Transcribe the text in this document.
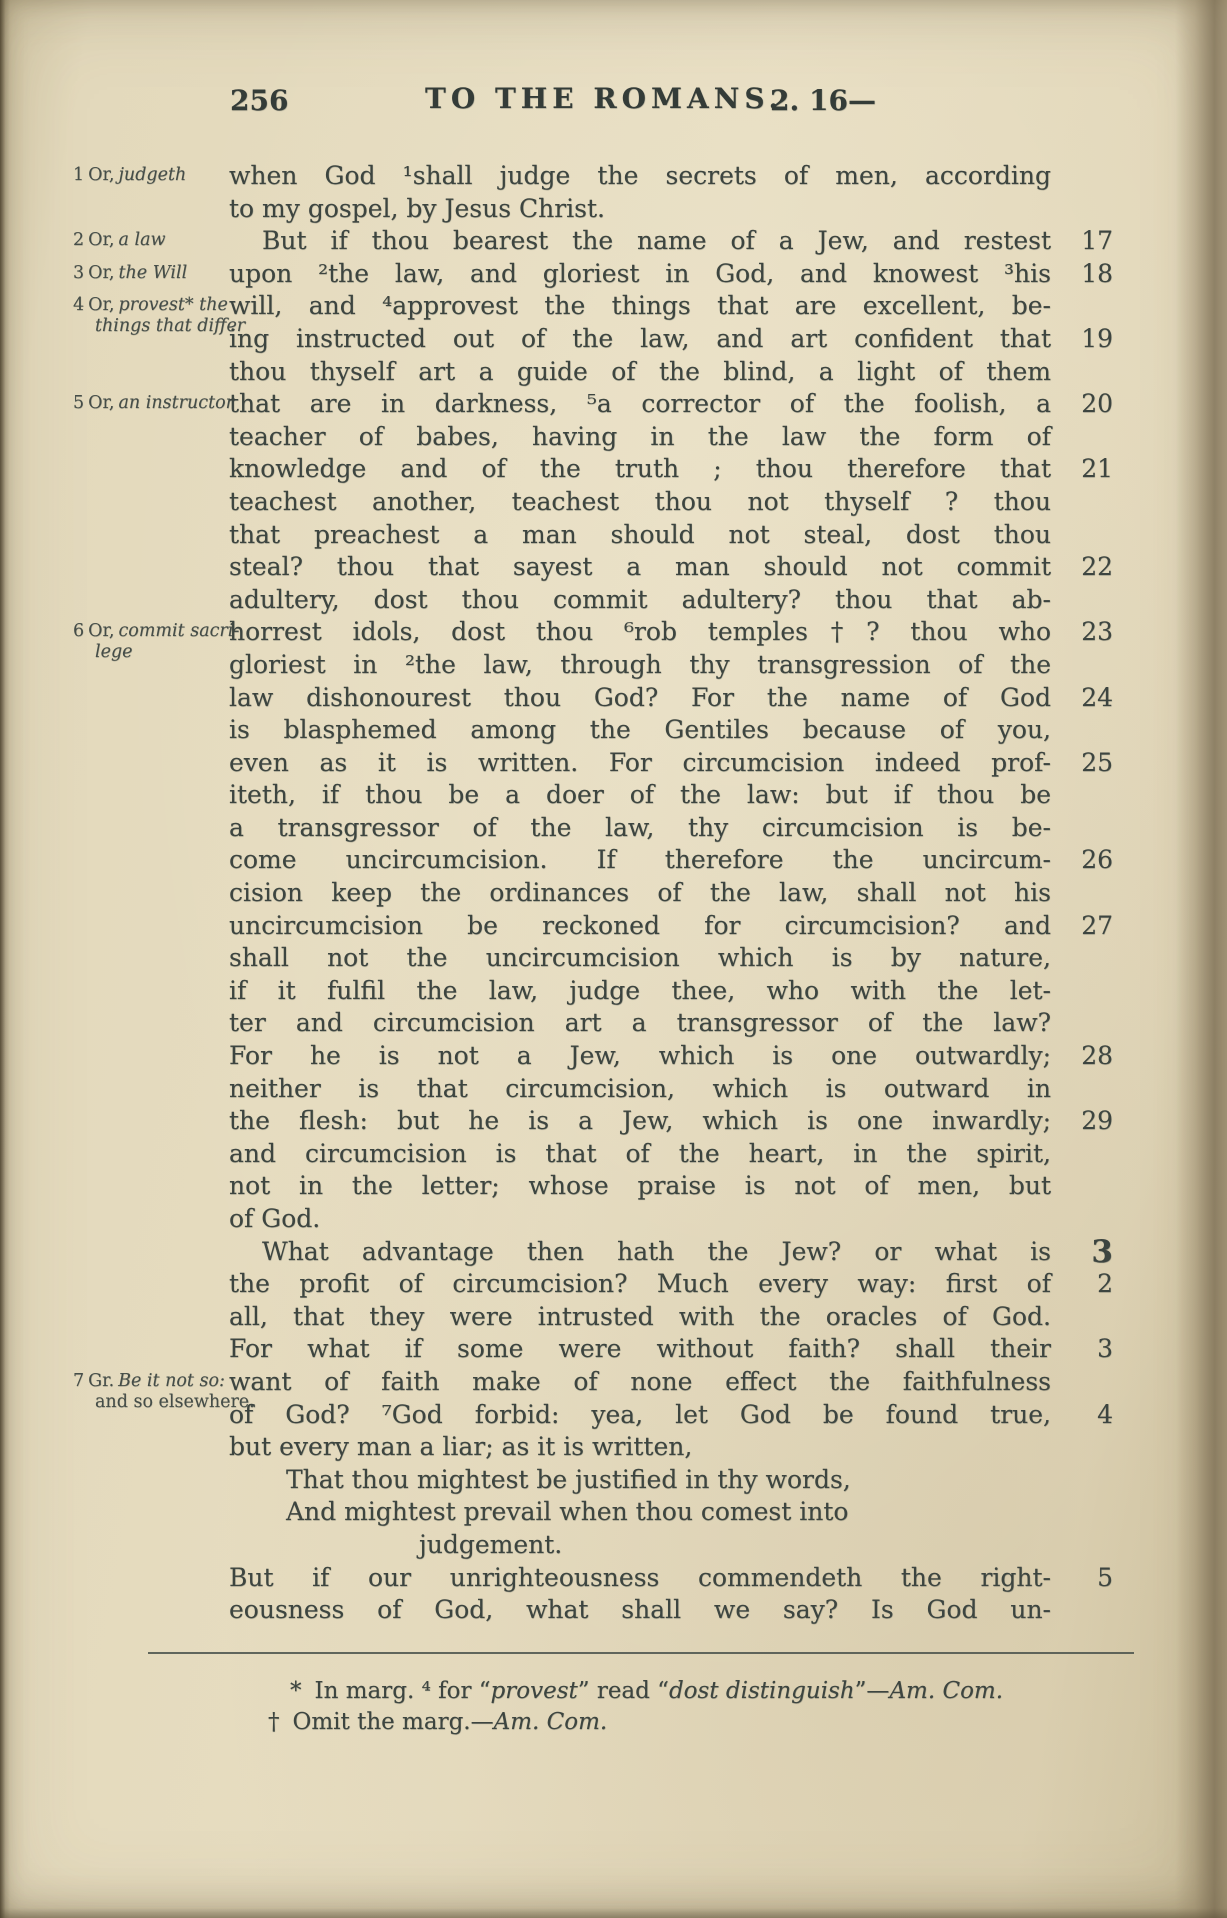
256	TO THE ROMANS.
2. 16—
1 Or, judgeth
2 Or, a law
3 Or, the Will
4 Or, provest* the
things that differ
5 Or, an instructor
6 Or, commit sacri-
lege
7 Gr. Be it not so:
and so elsewhere.
when God ¹shall judge the secrets of men, according
to my gospel, by Jesus Christ.
But if thou bearest the name of a Jew, and restest	17
upon ²the law, and gloriest in God, and knowest ³his	18
will, and ⁴approvest the things that are excellent, be-
ing instructed out of the law, and art confident that	19
thou thyself art a guide of the blind, a light of them
that are in darkness, ⁵a corrector of the foolish, a	20
teacher of babes, having in the law the form of
knowledge and of the truth ; thou therefore that	21
teachest another, teachest thou not thyself ? thou
that preachest a man should not steal, dost thou
steal? thou that sayest a man should not commit	22
adultery, dost thou commit adultery? thou that ab-
horrest idols, dost thou ⁶rob temples†? thou who	23
gloriest in ²the law, through thy transgression of the
law dishonourest thou God? For the name of God	24
is blasphemed among the Gentiles because of you,
even as it is written. For circumcision indeed prof-	25
iteth, if thou be a doer of the law: but if thou be
a transgressor of the law, thy circumcision is be-
come uncircumcision. If therefore the uncircum-	26
cision keep the ordinances of the law, shall not his
uncircumcision be reckoned for circumcision? and	27
shall not the uncircumcision which is by nature,
if it fulfil the law, judge thee, who with the let-
ter and circumcision art a transgressor of the law?
For he is not a Jew, which is one outwardly;	28
neither is that circumcision, which is outward in
the flesh: but he is a Jew, which is one inwardly;	29
and circumcision is that of the heart, in the spirit,
not in the letter; whose praise is not of men, but
of God.
What advantage then hath the Jew? or what is	3
the profit of circumcision? Much every way: first of	2
all, that they were intrusted with the oracles of God.
For what if some were without faith? shall their	3
want of faith make of none effect the faithfulness
of God? ⁷God forbid: yea, let God be found true,	4
but every man a liar; as it is written,
That thou mightest be justified in thy words,
And mightest prevail when thou comest into
judgement.
But if our unrighteousness commendeth the right-	5
eousness of God, what shall we say? Is God un-
* In marg. ⁴ for “provest” read “dost distinguish”—Am. Com.
† Omit the marg.—Am. Com.
